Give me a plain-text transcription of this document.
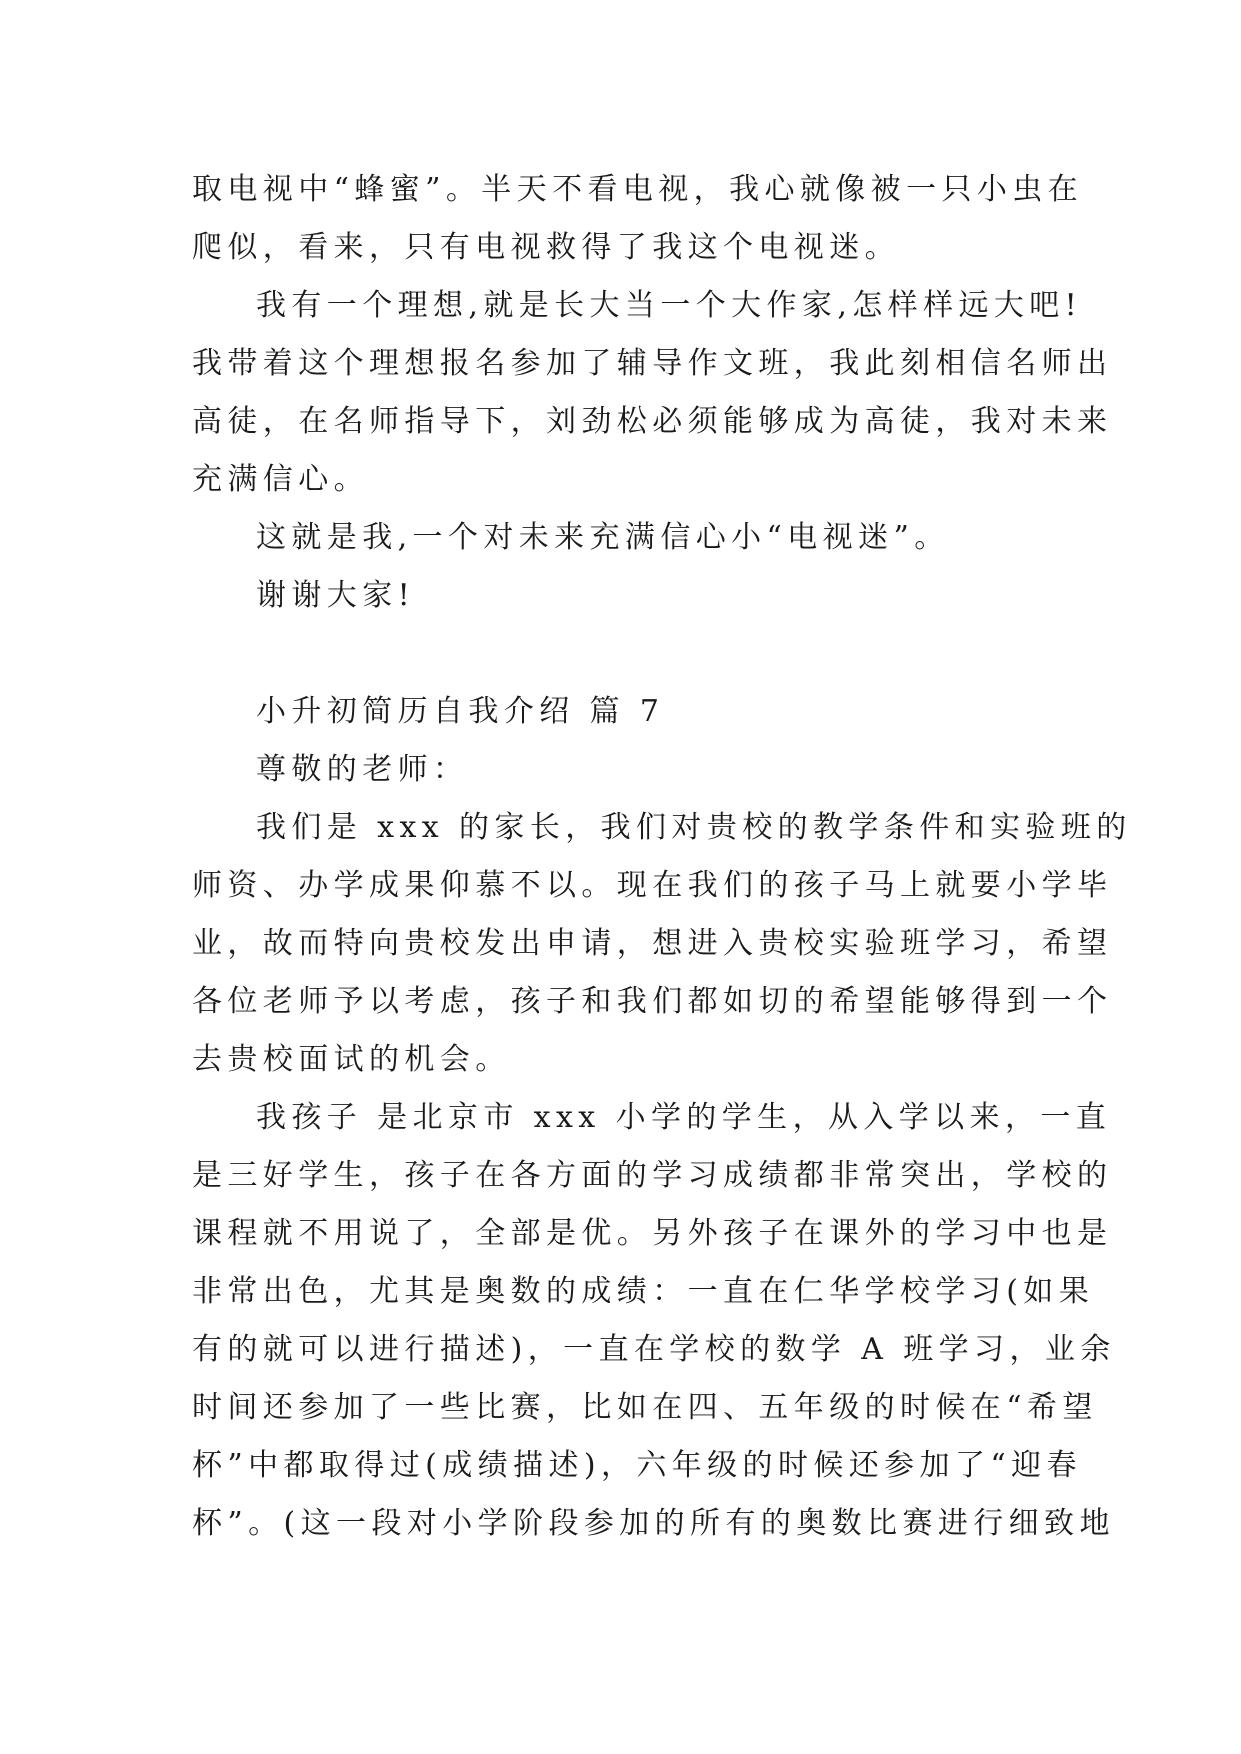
取电视中“蜂蜜”。半天不看电视，我心就像被一只小虫在
爬似，看来，只有电视救得了我这个电视迷。
我有一个理想,就是长大当一个大作家,怎样样远大吧!
我带着这个理想报名参加了辅导作文班，我此刻相信名师出
高徒，在名师指导下，刘劲松必须能够成为高徒，我对未来
充满信心。
这就是我,一个对未来充满信心小“电视迷”。
谢谢大家!
小升初简历自我介绍 篇 7
尊敬的老师：
我们是 xxx 的家长，我们对贵校的教学条件和实验班的
师资、办学成果仰慕不以。现在我们的孩子马上就要小学毕
业，故而特向贵校发出申请，想进入贵校实验班学习，希望
各位老师予以考虑，孩子和我们都如切的希望能够得到一个
去贵校面试的机会。
我孩子 是北京市 xxx 小学的学生，从入学以来，一直
是三好学生，孩子在各方面的学习成绩都非常突出，学校的
课程就不用说了，全部是优。另外孩子在课外的学习中也是
非常出色，尤其是奥数的成绩：一直在仁华学校学习(如果
有的就可以进行描述)，一直在学校的数学 A 班学习，业余
时间还参加了一些比赛，比如在四、五年级的时候在“希望
杯”中都取得过(成绩描述)，六年级的时候还参加了“迎春
杯”。(这一段对小学阶段参加的所有的奥数比赛进行细致地
